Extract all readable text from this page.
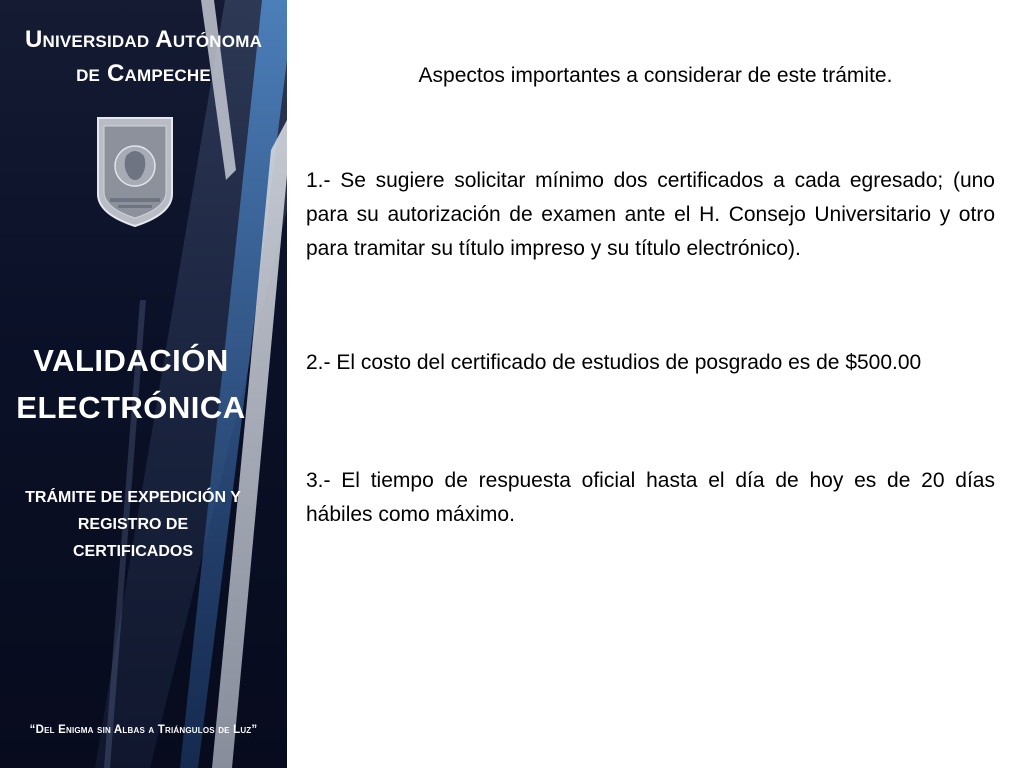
Universidad Autónoma
de Campeche
VALIDACIÓN
ELECTRÓNICA
TRÁMITE DE EXPEDICIÓN Y
REGISTRO DE
CERTIFICADOS
“Del Enigma sin Albas a Triángulos de Luz”
Aspectos importantes a considerar de este trámite.

1.- Se sugiere solicitar mínimo dos certificados a cada egresado; (uno para su autorización de examen ante el H. Consejo Universitario y otro para tramitar su título impreso y su título electrónico).

2.- El costo del certificado de estudios de posgrado es de $500.00

3.- El tiempo de respuesta oficial hasta el día de hoy es de 20 días hábiles como máximo.
